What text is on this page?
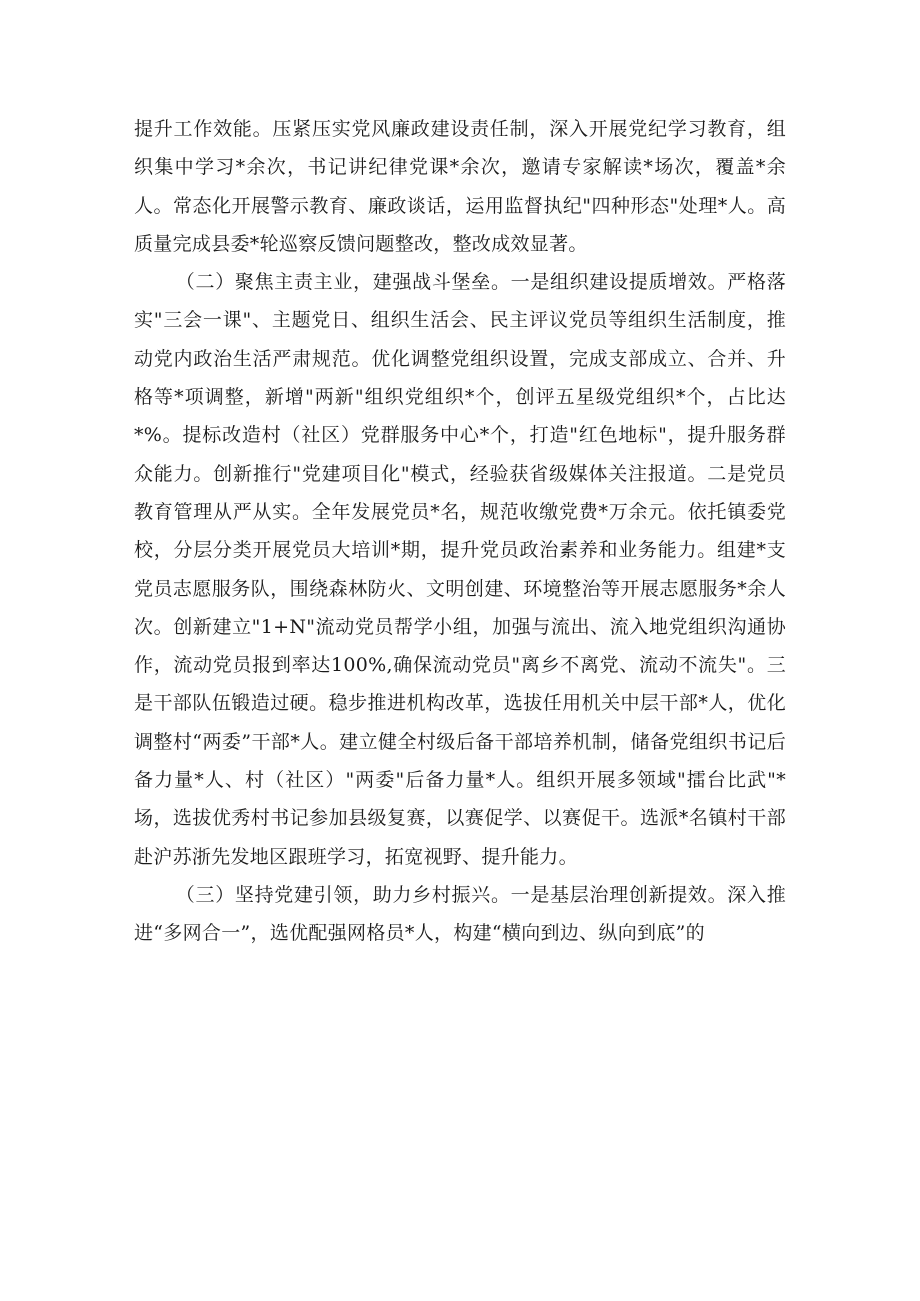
提升工作效能。压紧压实党风廉政建设责任制，深入开展党纪学习教育，组织集中学习*余次，书记讲纪律党课*余次，邀请专家解读*场次，覆盖*余人。常态化开展警示教育、廉政谈话，运用监督执纪"四种形态"处理*人。高质量完成县委*轮巡察反馈问题整改，整改成效显著。

（二）聚焦主责主业，建强战斗堡垒。一是组织建设提质增效。严格落实"三会一课"、主题党日、组织生活会、民主评议党员等组织生活制度，推动党内政治生活严肃规范。优化调整党组织设置，完成支部成立、合并、升格等*项调整，新增"两新"组织党组织*个，创评五星级党组织*个，占比达*%。提标改造村（社区）党群服务中心*个，打造"红色地标"，提升服务群众能力。创新推行"党建项目化"模式，经验获省级媒体关注报道。二是党员教育管理从严从实。全年发展党员*名，规范收缴党费*万余元。依托镇委党校，分层分类开展党员大培训*期，提升党员政治素养和业务能力。组建*支党员志愿服务队，围绕森林防火、文明创建、环境整治等开展志愿服务*余人次。创新建立"1+N"流动党员帮学小组，加强与流出、流入地党组织沟通协作，流动党员报到率达100%,确保流动党员"离乡不离党、流动不流失"。三是干部队伍锻造过硬。稳步推进机构改革，选拔任用机关中层干部*人，优化调整村“两委”干部*人。建立健全村级后备干部培养机制，储备党组织书记后备力量*人、村（社区）"两委"后备力量*人。组织开展多领域"擂台比武"*场，选拔优秀村书记参加县级复赛，以赛促学、以赛促干。选派*名镇村干部赴沪苏浙先发地区跟班学习，拓宽视野、提升能力。

（三）坚持党建引领，助力乡村振兴。一是基层治理创新提效。深入推进“多网合一”，选优配强网格员*人，构建“横向到边、纵向到底”的
